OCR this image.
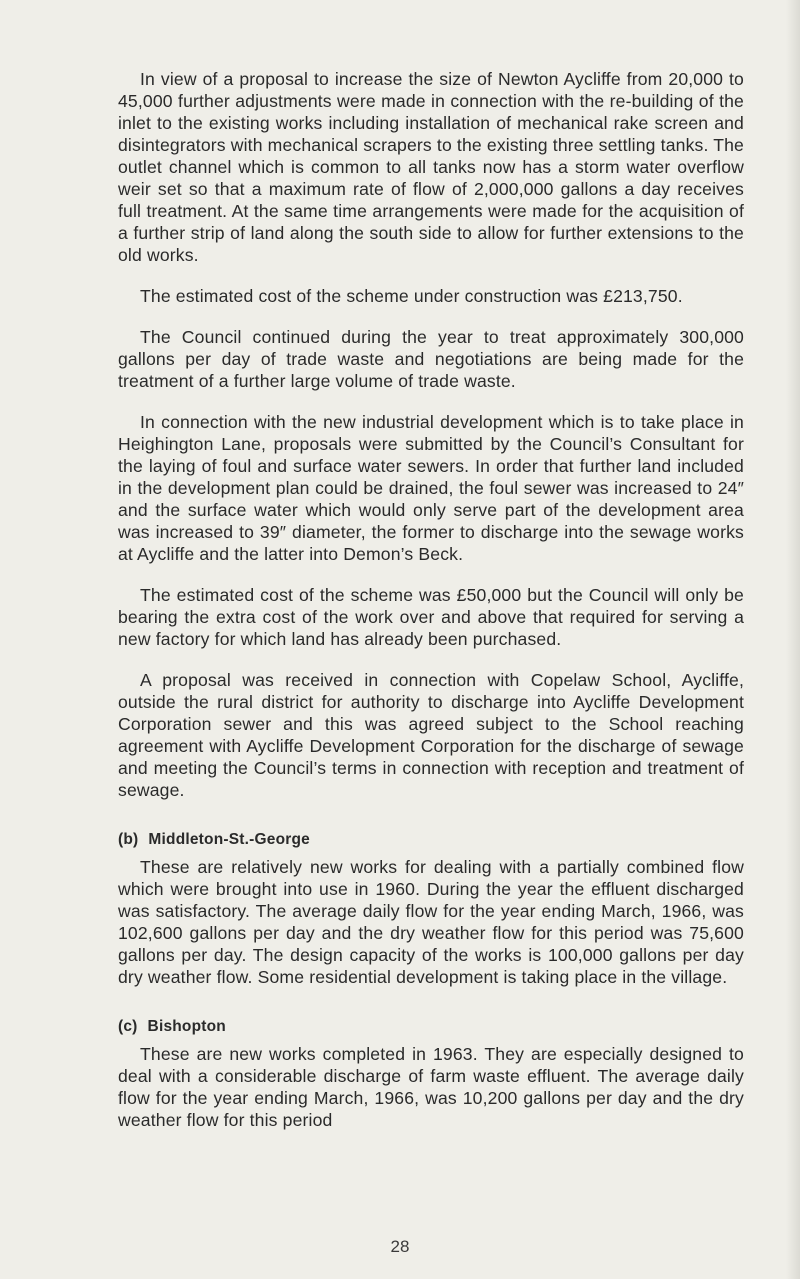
In view of a proposal to increase the size of Newton Aycliffe from 20,000 to 45,000 further adjustments were made in connection with the re-building of the inlet to the existing works including installation of mechanical rake screen and disintegrators with mechanical scrapers to the existing three settling tanks. The outlet channel which is common to all tanks now has a storm water overflow weir set so that a maximum rate of flow of 2,000,000 gallons a day receives full treatment. At the same time arrangements were made for the acquisition of a further strip of land along the south side to allow for further extensions to the old works.

The estimated cost of the scheme under construction was £213,750.

The Council continued during the year to treat approximately 300,000 gallons per day of trade waste and negotiations are being made for the treatment of a further large volume of trade waste.

In connection with the new industrial development which is to take place in Heighington Lane, proposals were submitted by the Council’s Consultant for the laying of foul and surface water sewers. In order that further land included in the development plan could be drained, the foul sewer was increased to 24″ and the surface water which would only serve part of the development area was increased to 39″ diameter, the former to discharge into the sewage works at Aycliffe and the latter into Demon’s Beck.

The estimated cost of the scheme was £50,000 but the Council will only be bearing the extra cost of the work over and above that required for serving a new factory for which land has already been purchased.

A proposal was received in connection with Copelaw School, Aycliffe, outside the rural district for authority to discharge into Aycliffe Development Corporation sewer and this was agreed subject to the School reaching agreement with Aycliffe Development Corporation for the discharge of sewage and meeting the Council’s terms in connection with reception and treatment of sewage.

(b) Middleton-St.-George

These are relatively new works for dealing with a partially combined flow which were brought into use in 1960. During the year the effluent discharged was satisfactory. The average daily flow for the year ending March, 1966, was 102,600 gallons per day and the dry weather flow for this period was 75,600 gallons per day. The design capacity of the works is 100,000 gallons per day dry weather flow. Some residential development is taking place in the village.

(c) Bishopton

These are new works completed in 1963. They are especially designed to deal with a considerable discharge of farm waste effluent. The average daily flow for the year ending March, 1966, was 10,200 gallons per day and the dry weather flow for this period

28
